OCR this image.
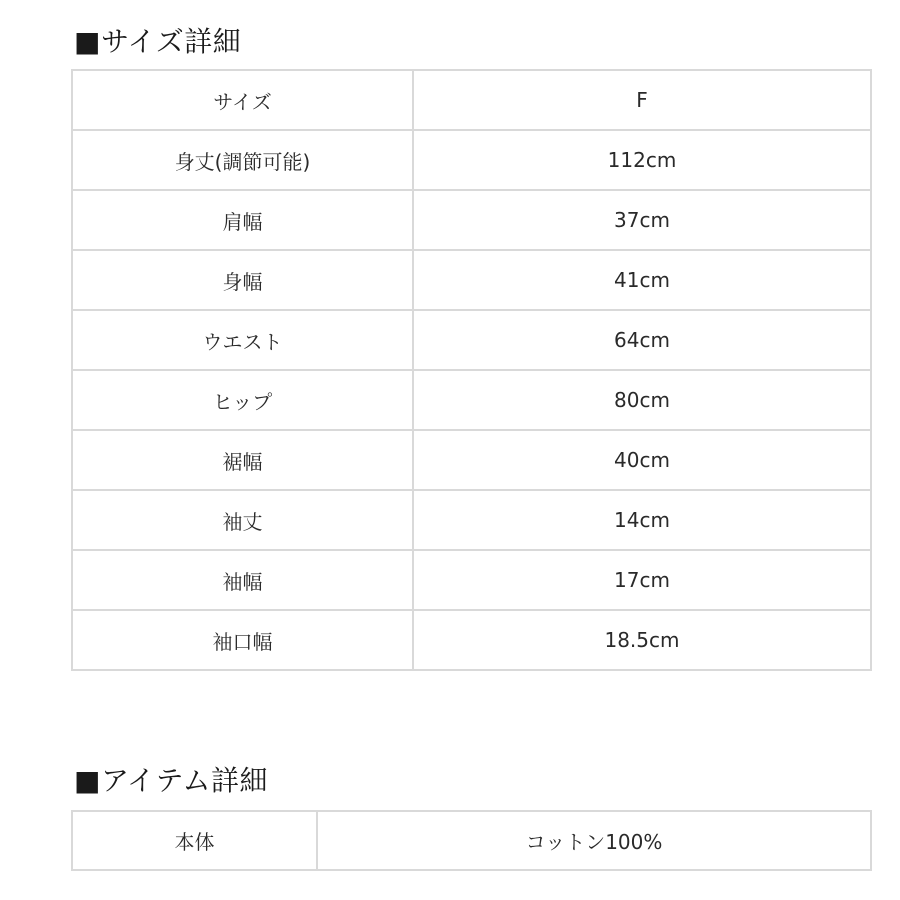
■サイズ詳細
サイズ	F
身丈(調節可能)	112cm
肩幅	37cm
身幅	41cm
ウエスト	64cm
ヒップ	80cm
裾幅	40cm
袖丈	14cm
袖幅	17cm
袖口幅	18.5cm
■アイテム詳細
本体	コットン100%
